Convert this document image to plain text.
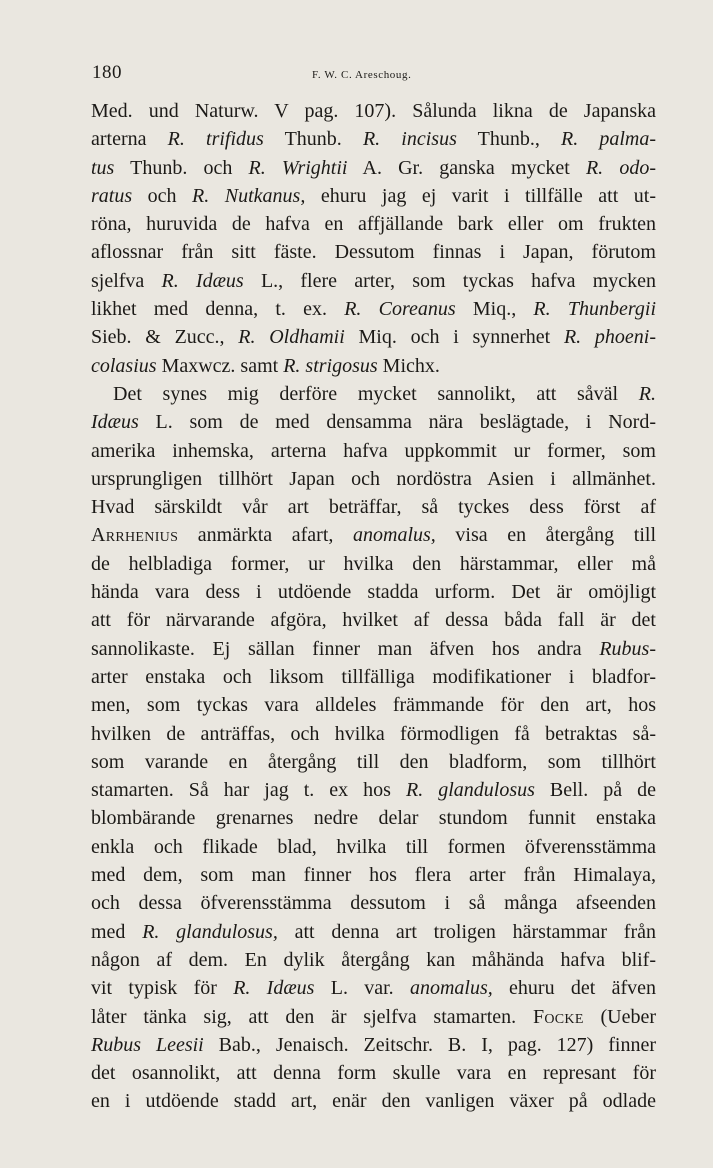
180	F. W. C. Areschoug.
Med. und Naturw. V pag. 107). Sålunda likna de Japanska
arterna R. trifidus Thunb. R. incisus Thunb., R. palma-
tus Thunb. och R. Wrightii A. Gr. ganska mycket R. odo-
ratus och R. Nutkanus, ehuru jag ej varit i tillfälle att ut-
röna, huruvida de hafva en affjällande bark eller om frukten
aflossnar från sitt fäste. Dessutom finnas i Japan, förutom
sjelfva R. Idæus L., flere arter, som tyckas hafva mycken
likhet med denna, t. ex. R. Coreanus Miq., R. Thunbergii
Sieb. & Zucc., R. Oldhamii Miq. och i synnerhet R. phoeni-
colasius Maxwcz. samt R. strigosus Michx.
Det synes mig derföre mycket sannolikt, att såväl R.
Idæus L. som de med densamma nära beslägtade, i Nord-
amerika inhemska, arterna hafva uppkommit ur former, som
ursprungligen tillhört Japan och nordöstra Asien i allmänhet.
Hvad särskildt vår art beträffar, så tyckes dess först af
Arrhenius anmärkta afart, anomalus, visa en återgång till
de helbladiga former, ur hvilka den härstammar, eller må
hända vara dess i utdöende stadda urform. Det är omöjligt
att för närvarande afgöra, hvilket af dessa båda fall är det
sannolikaste. Ej sällan finner man äfven hos andra Rubus-
arter enstaka och liksom tillfälliga modifikationer i bladfor-
men, som tyckas vara alldeles främmande för den art, hos
hvilken de anträffas, och hvilka förmodligen få betraktas så-
som varande en återgång till den bladform, som tillhört
stamarten. Så har jag t. ex hos R. glandulosus Bell. på de
blombärande grenarnes nedre delar stundom funnit enstaka
enkla och flikade blad, hvilka till formen öfverensstämma
med dem, som man finner hos flera arter från Himalaya,
och dessa öfverensstämma dessutom i så många afseenden
med R. glandulosus, att denna art troligen härstammar från
någon af dem. En dylik återgång kan måhända hafva blif-
vit typisk för R. Idæus L. var. anomalus, ehuru det äfven
låter tänka sig, att den är sjelfva stamarten. Focke (Ueber
Rubus Leesii Bab., Jenaisch. Zeitschr. B. I, pag. 127) finner
det osannolikt, att denna form skulle vara en represant för
en i utdöende stadd art, enär den vanligen växer på odlade
